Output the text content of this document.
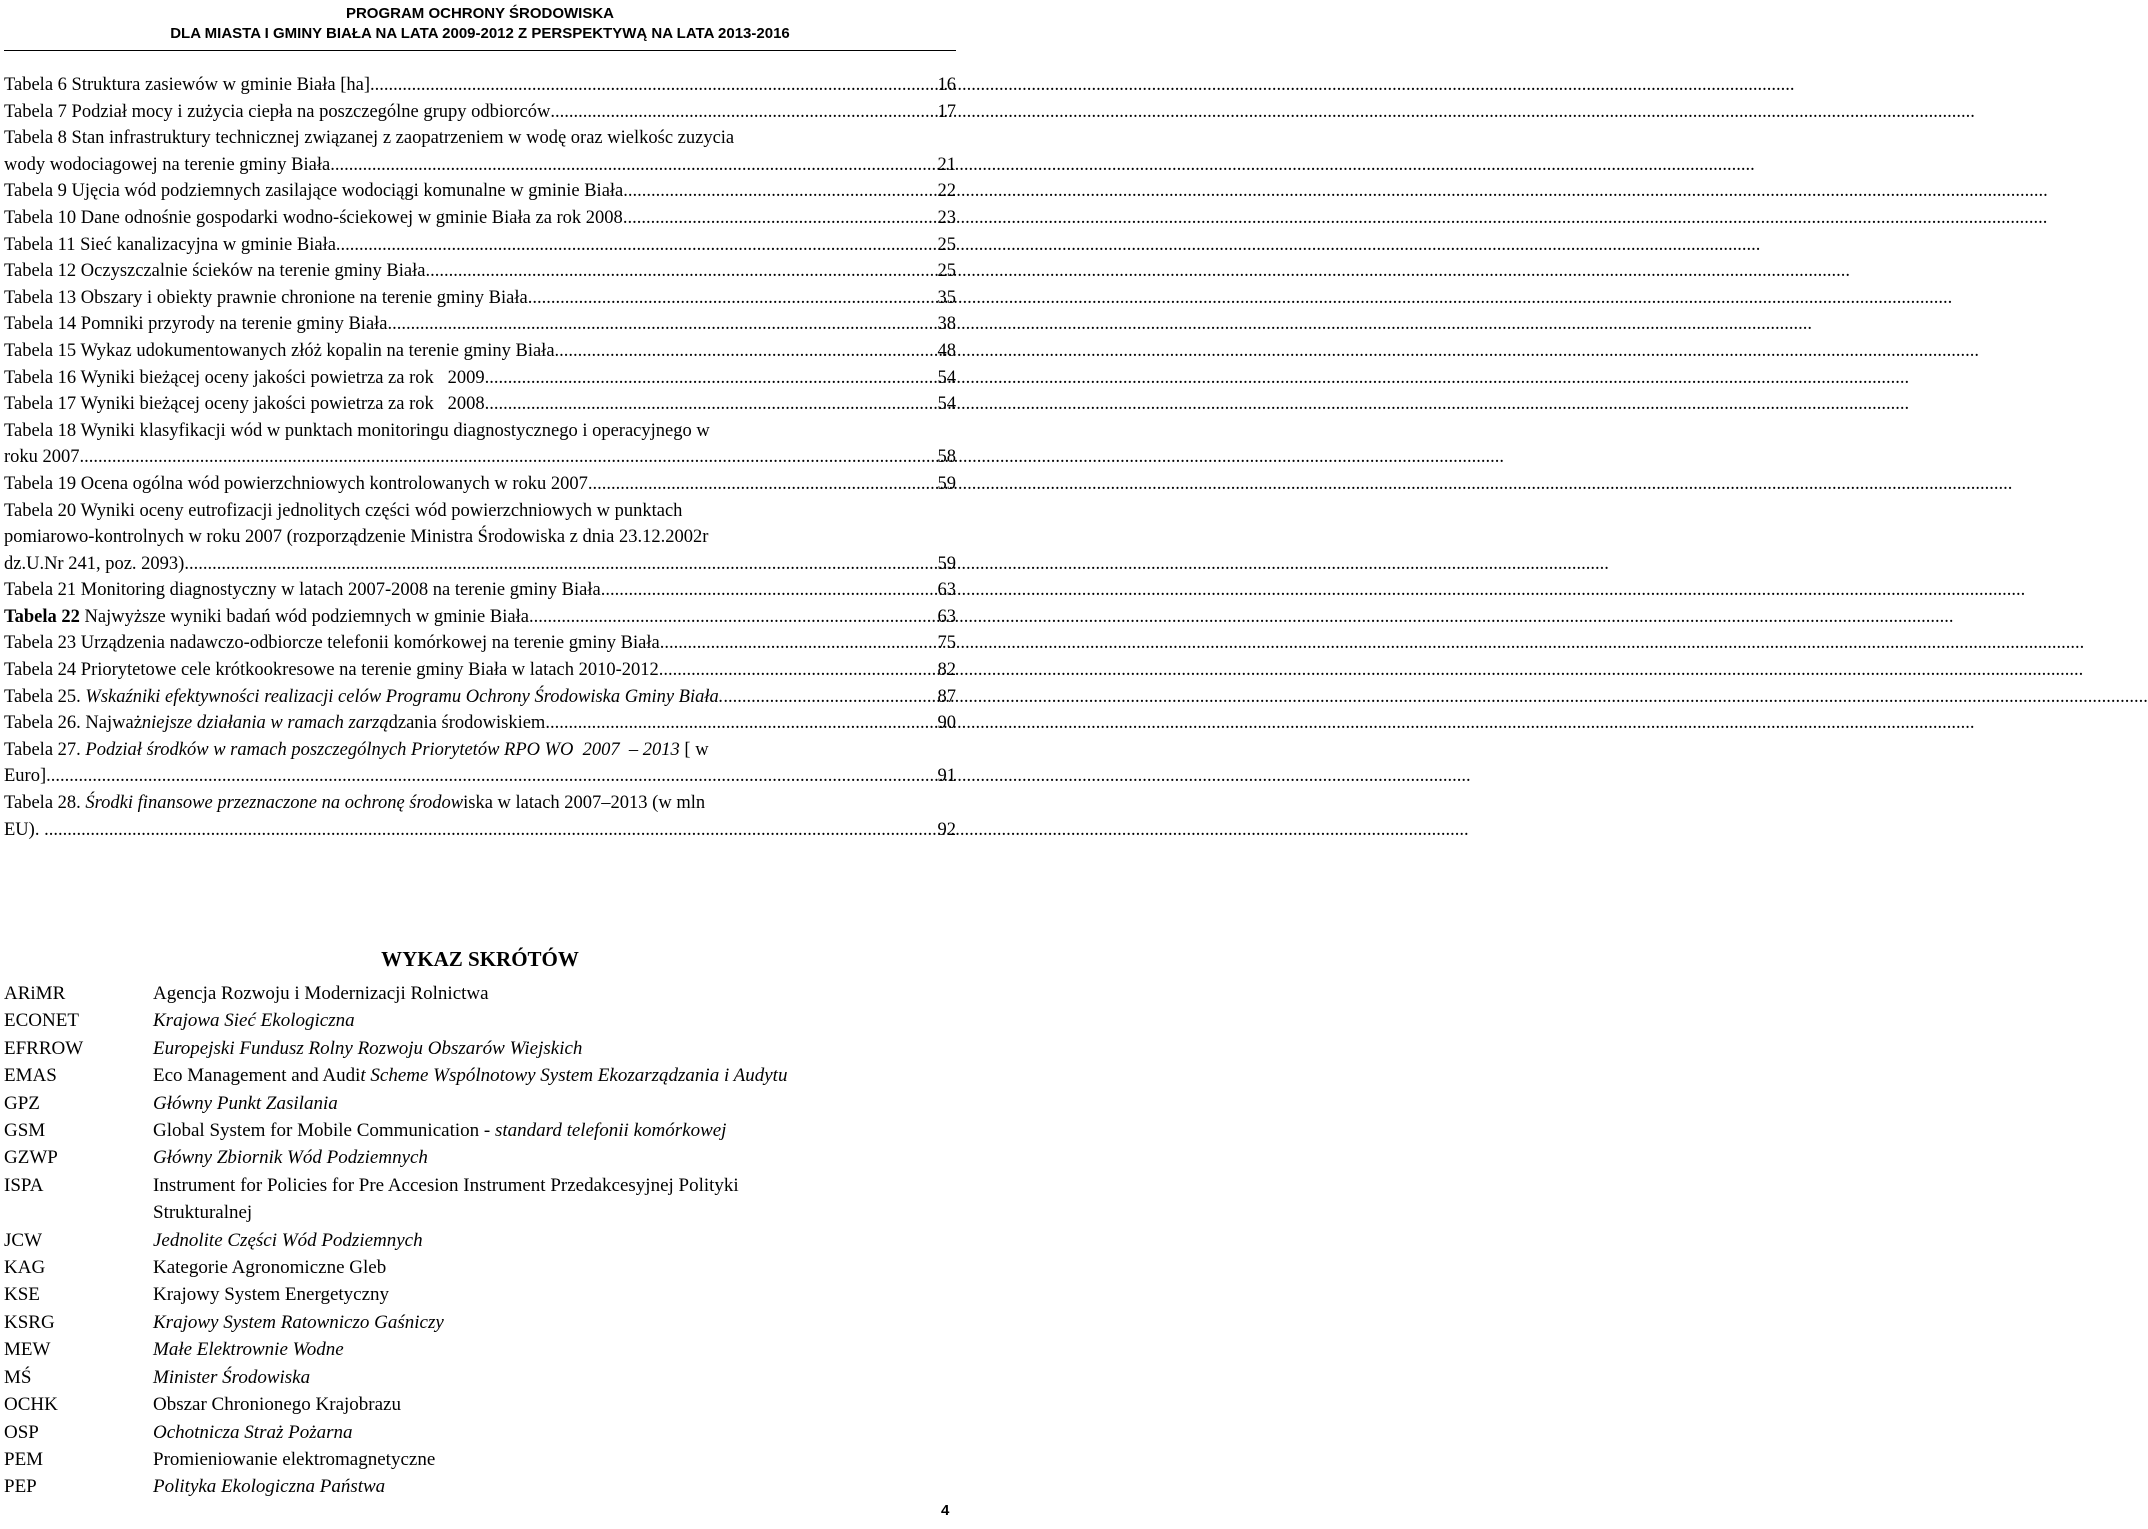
PROGRAM OCHRONY ŚRODOWISKA
DLA MIASTA I GMINY BIAŁA NA LATA 2009-2012 Z PERSPEKTYWĄ NA LATA 2013-2016
Tabela 6 Struktura zasiewów w gminie Biała [ha] .....	16
Tabela 7 Podział mocy i zużycia ciepła na poszczególne grupy odbiorców .....	17
Tabela 8 Stan infrastruktury technicznej związanej z zaopatrzeniem w wodę oraz wielkośc zuzycia
wody wodociagowej na terenie gminy Biała .....	21
Tabela 9 Ujęcia wód podziemnych zasilające wodociągi komunalne w gminie Biała .....	22
Tabela 10 Dane odnośnie gospodarki wodno-ściekowej w gminie Biała za rok 2008 .....	23
Tabela 11 Sieć kanalizacyjna w gminie Biała .....	25
Tabela 12 Oczyszczalnie ścieków na terenie gminy Biała .....	25
Tabela 13 Obszary i obiekty prawnie chronione na terenie gminy Biała .....	35
Tabela 14 Pomniki przyrody na terenie gminy Biała .....	38
Tabela 15 Wykaz udokumentowanych złóż kopalin na terenie gminy Biała .....	48
Tabela 16 Wyniki bieżącej oceny jakości powietrza za rok   2009 .....	54
Tabela 17 Wyniki bieżącej oceny jakości powietrza za rok   2008 .....	54
Tabela 18 Wyniki klasyfikacji wód w punktach monitoringu diagnostycznego i operacyjnego w
roku 2007 .....	58
Tabela 19 Ocena ogólna wód powierzchniowych kontrolowanych w roku 2007 .....	59
Tabela 20 Wyniki oceny eutrofizacji jednolitych części wód powierzchniowych w punktach
pomiarowo-kontrolnych w roku 2007 (rozporządzenie Ministra Środowiska z dnia 23.12.2002r
dz.U.Nr 241, poz. 2093) .....	59
Tabela 21 Monitoring diagnostyczny w latach 2007-2008 na terenie gminy Biała .....	63
Tabela 22 Najwyższe wyniki badań wód podziemnych w gminie Biała .....	63
Tabela 23 Urządzenia nadawczo-odbiorcze telefonii komórkowej na terenie gminy Biała .....	75
Tabela 24 Priorytetowe cele krótkookresowe na terenie gminy Biała w latach 2010-2012 .....	82
Tabela 25. Wskaźniki efektywności realizacji celów Programu Ochrony Środowiska Gminy Biała. .....	87
Tabela 26. Najważniejsze działania w ramach zarządzania środowiskiem. .....	90
Tabela 27. Podział środków w ramach poszczególnych Priorytetów RPO WO  2007  – 2013 [ w
Euro] .....	91
Tabela 28. Środki finansowe przeznaczone na ochronę środowiska w latach 2007–2013 (w mln
EU). .....	92
WYKAZ SKRÓTÓW
ARiMR	Agencja Rozwoju i Modernizacji Rolnictwa
ECONET	Krajowa Sieć Ekologiczna
EFRROW	Europejski Fundusz Rolny Rozwoju Obszarów Wiejskich
EMAS	Eco Management and Audit Scheme Wspólnotowy System Ekozarządzania i Audytu
GPZ	Główny Punkt Zasilania
GSM	Global System for Mobile Communication - standard telefonii komórkowej
GZWP	Główny Zbiornik Wód Podziemnych
ISPA	Instrument for Policies for Pre Accesion Instrument Przedakcesyjnej Polityki
Strukturalnej
JCW	Jednolite Części Wód Podziemnych
KAG	Kategorie Agronomiczne Gleb
KSE	Krajowy System Energetyczny
KSRG	Krajowy System Ratowniczo Gaśniczy
MEW	Małe Elektrownie Wodne
MŚ	Minister Środowiska
OCHK	Obszar Chronionego Krajobrazu
OSP	Ochotnicza Straż Pożarna
PEM	Promieniowanie elektromagnetyczne
PEP	Polityka Ekologiczna Państwa
4
